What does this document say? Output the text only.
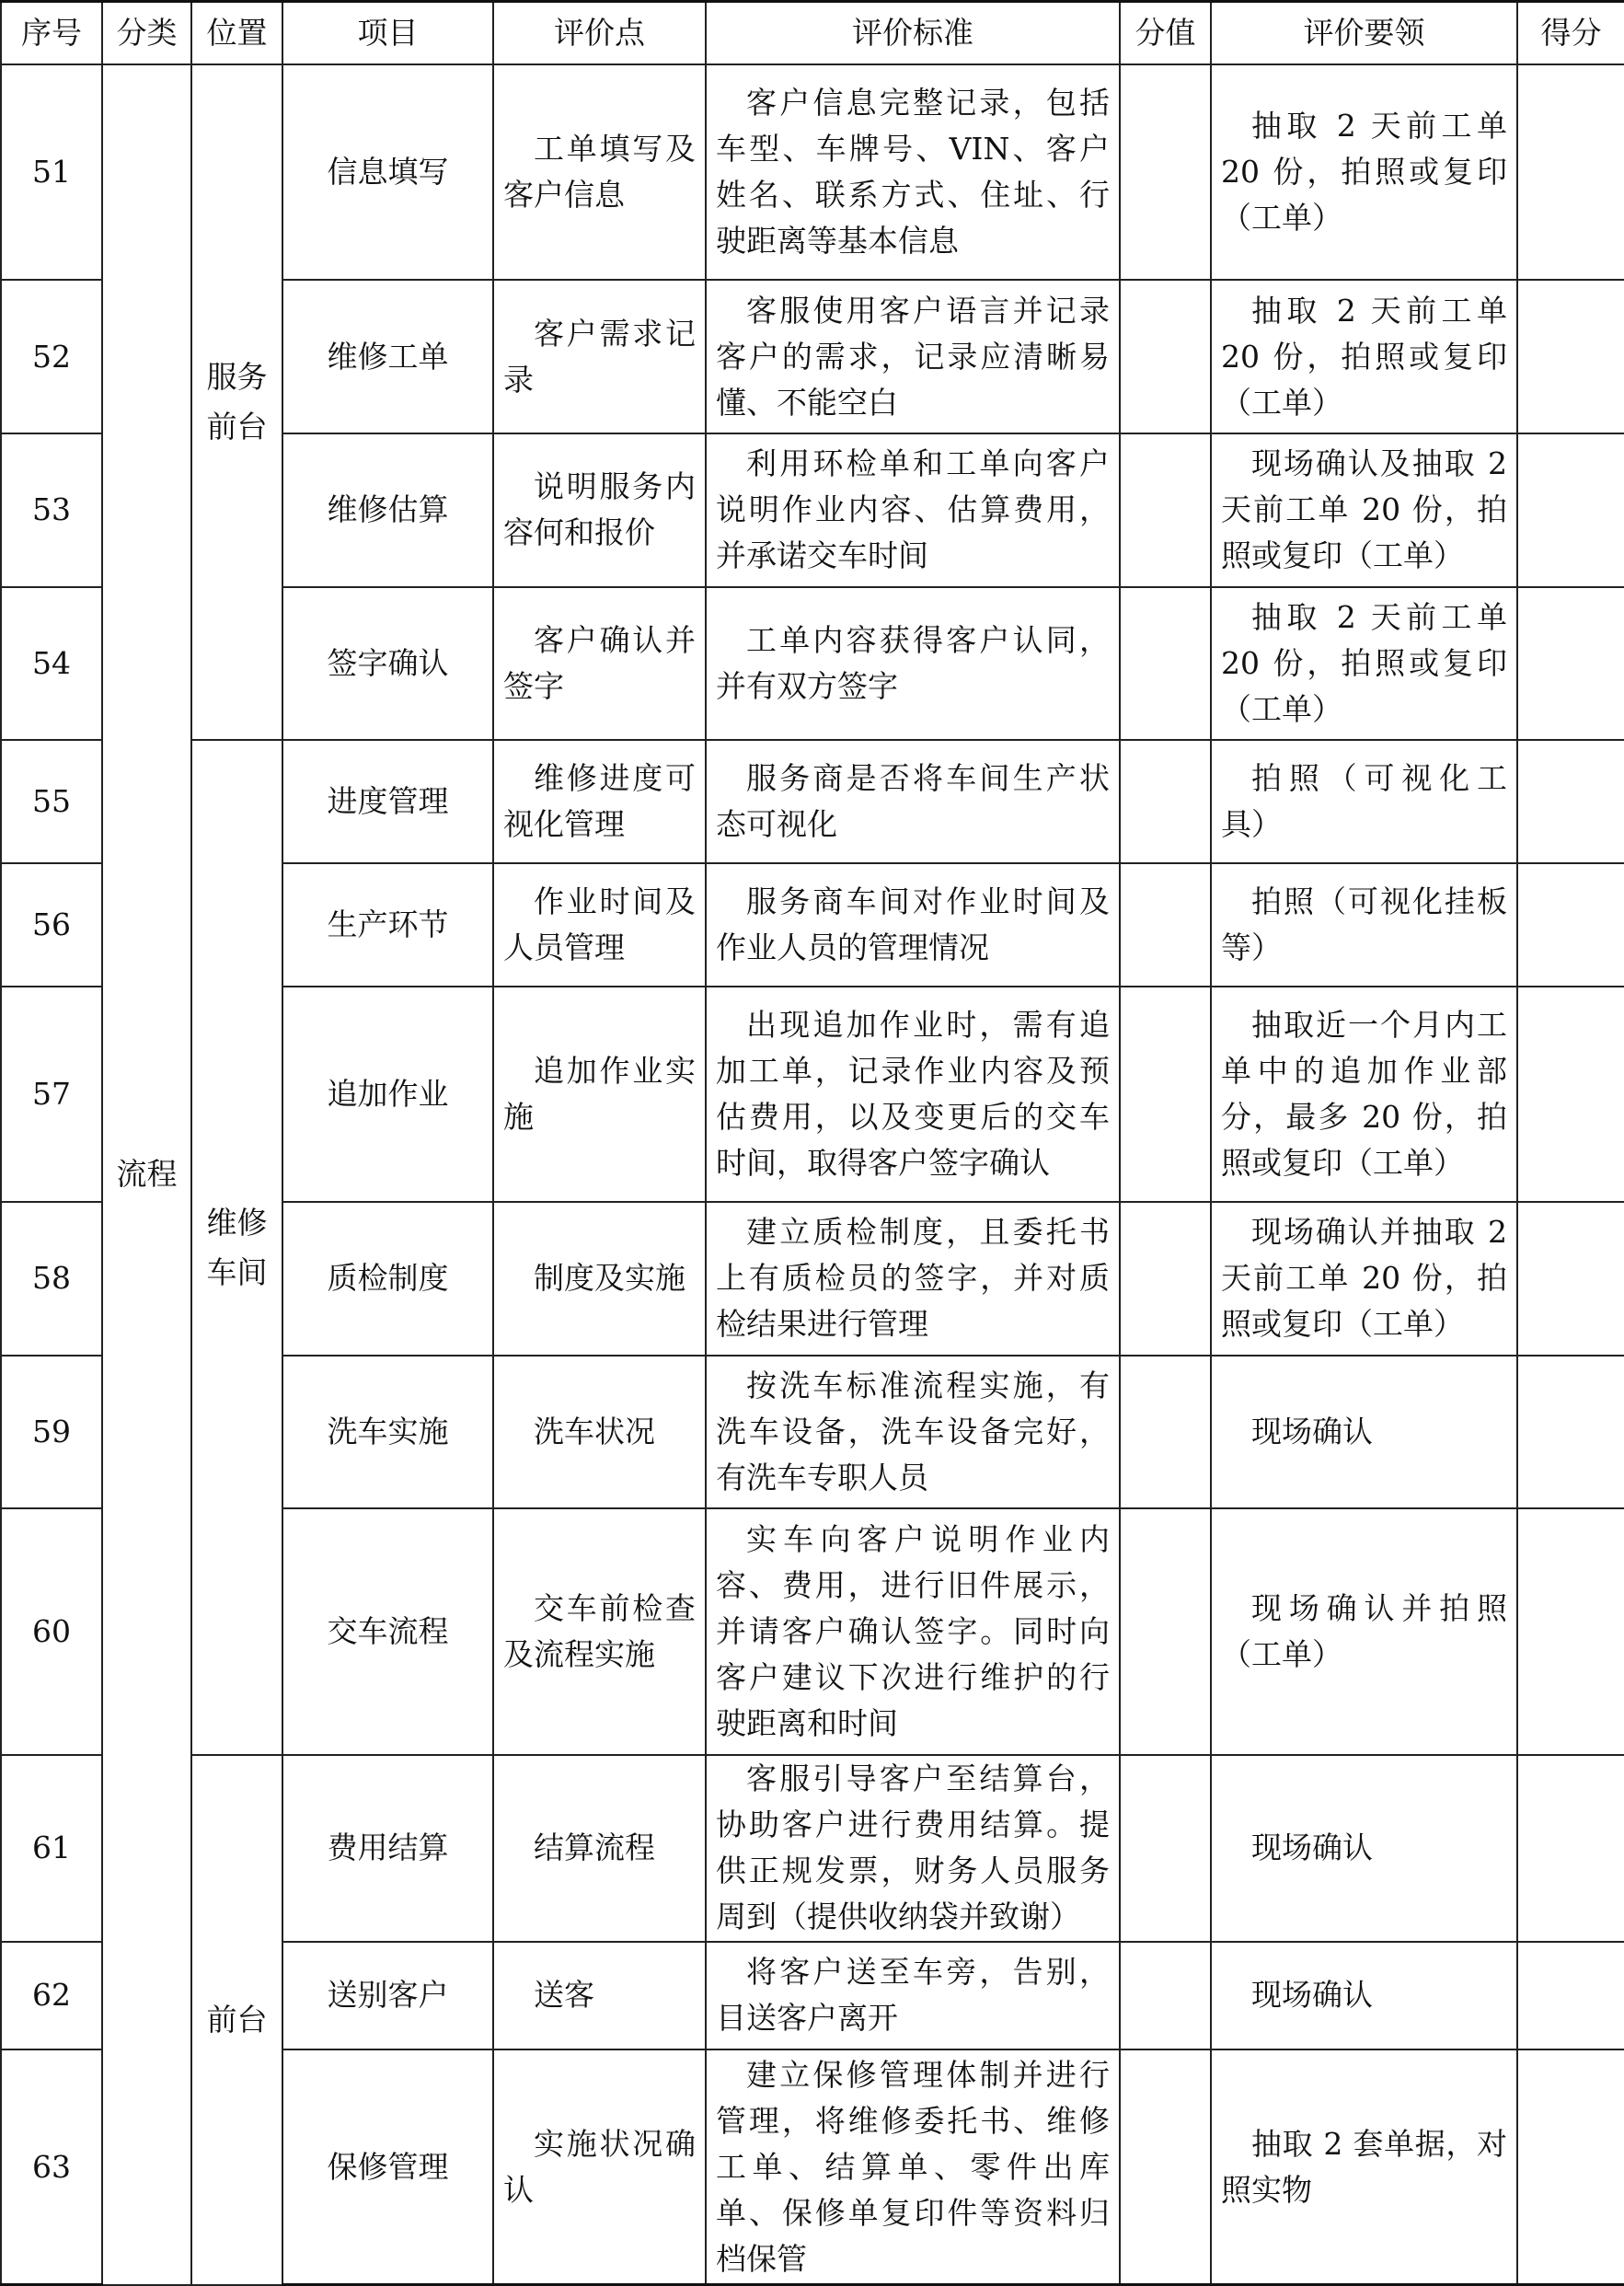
序号	分类	位置	项目	评价点	评价标准	分值	评价要领	得分
51	流程	服务前台	信息填写	工单填写及客户信息	客户信息完整记录，包括车型、车牌号、VIN、客户姓名、联系方式、住址、行驶距离等基本信息		抽取 2 天前工单 20 份，拍照或复印（工单）	

52			维修工单	客户需求记录	客服使用客户语言并记录客户的需求，记录应清晰易懂、不能空白		抽取 2 天前工单 20 份，拍照或复印（工单）	

53			维修估算	说明服务内容何和报价	利用环检单和工单向客户说明作业内容、估算费用，并承诺交车时间		现场确认及抽取 2 天前工单 20 份，拍照或复印（工单）	

54			签字确认	客户确认并签字	工单内容获得客户认同，并有双方签字		抽取 2 天前工单 20 份，拍照或复印（工单）	

55		维修车间	进度管理	维修进度可视化管理	服务商是否将车间生产状态可视化		拍照（可视化工具）	

56			生产环节	作业时间及人员管理	服务商车间对作业时间及作业人员的管理情况		拍照（可视化挂板等）	

57			追加作业	追加作业实施	出现追加作业时，需有追加工单，记录作业内容及预估费用，以及变更后的交车时间，取得客户签字确认		抽取近一个月内工单中的追加作业部分，最多 20 份，拍照或复印（工单）	

58			质检制度	制度及实施	建立质检制度，且委托书上有质检员的签字，并对质检结果进行管理		现场确认并抽取 2 天前工单 20 份，拍照或复印（工单）	

59			洗车实施	洗车状况	按洗车标准流程实施，有洗车设备，洗车设备完好，有洗车专职人员		现场确认	

60			交车流程	交车前检查及流程实施	实车向客户说明作业内容、费用，进行旧件展示，并请客户确认签字。同时向客户建议下次进行维护的行驶距离和时间		现场确认并拍照（工单）	

61		前台	费用结算	结算流程	客服引导客户至结算台，协助客户进行费用结算。提供正规发票，财务人员服务周到（提供收纳袋并致谢）		现场确认	

62			送别客户	送客	将客户送至车旁，告别，目送客户离开		现场确认	

63			保修管理	实施状况确认	建立保修管理体制并进行管理，将维修委托书、维修工单、结算单、零件出库单、保修单复印件等资料归档保管		抽取 2 套单据，对照实物	
